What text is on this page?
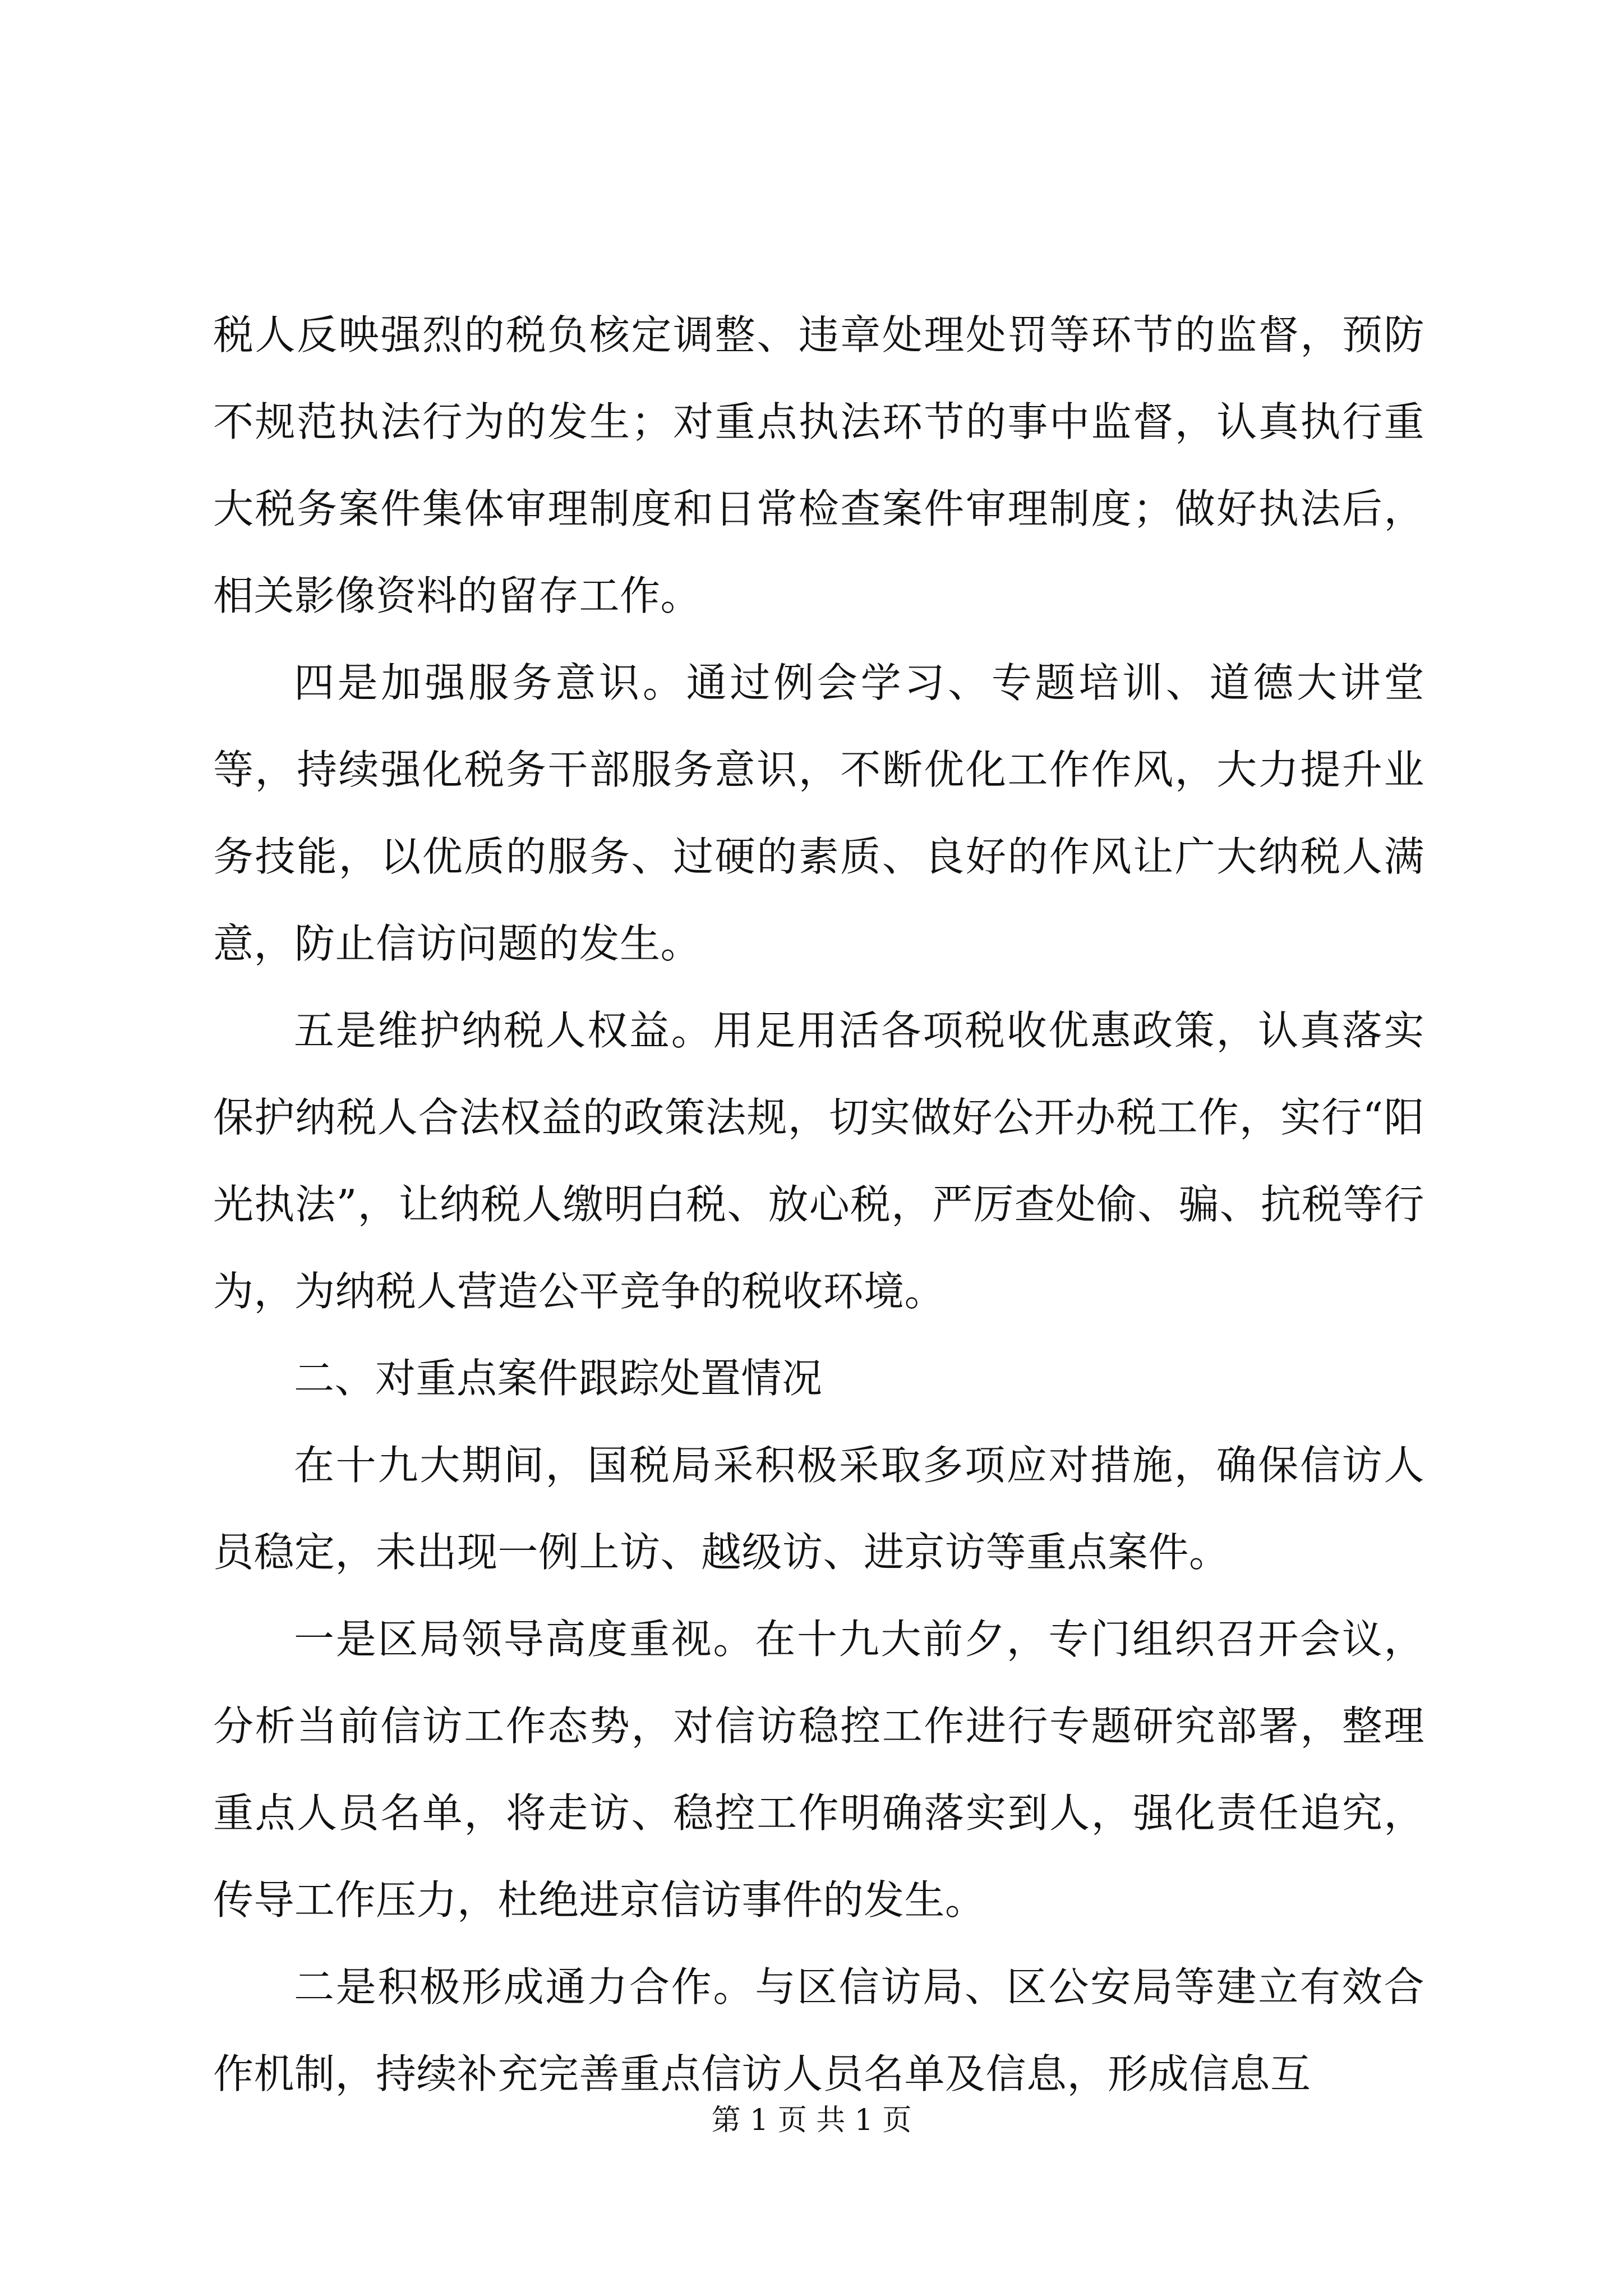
税人反映强烈的税负核定调整、违章处理处罚等环节的监督，预防不规范执法行为的发生；对重点执法环节的事中监督，认真执行重大税务案件集体审理制度和日常检查案件审理制度；做好执法后，相关影像资料的留存工作。

四是加强服务意识。通过例会学习、专题培训、道德大讲堂等，持续强化税务干部服务意识，不断优化工作作风，大力提升业务技能，以优质的服务、过硬的素质、良好的作风让广大纳税人满意，防止信访问题的发生。

五是维护纳税人权益。用足用活各项税收优惠政策，认真落实保护纳税人合法权益的政策法规，切实做好公开办税工作，实行“阳光执法”，让纳税人缴明白税、放心税，严厉查处偷、骗、抗税等行为，为纳税人营造公平竞争的税收环境。

二、对重点案件跟踪处置情况

在十九大期间，国税局采积极采取多项应对措施，确保信访人员稳定，未出现一例上访、越级访、进京访等重点案件。

一是区局领导高度重视。在十九大前夕，专门组织召开会议，分析当前信访工作态势，对信访稳控工作进行专题研究部署，整理重点人员名单，将走访、稳控工作明确落实到人，强化责任追究，传导工作压力，杜绝进京信访事件的发生。

二是积极形成通力合作。与区信访局、区公安局等建立有效合作机制，持续补充完善重点信访人员名单及信息，形成信息互

第 1 页 共 1 页
